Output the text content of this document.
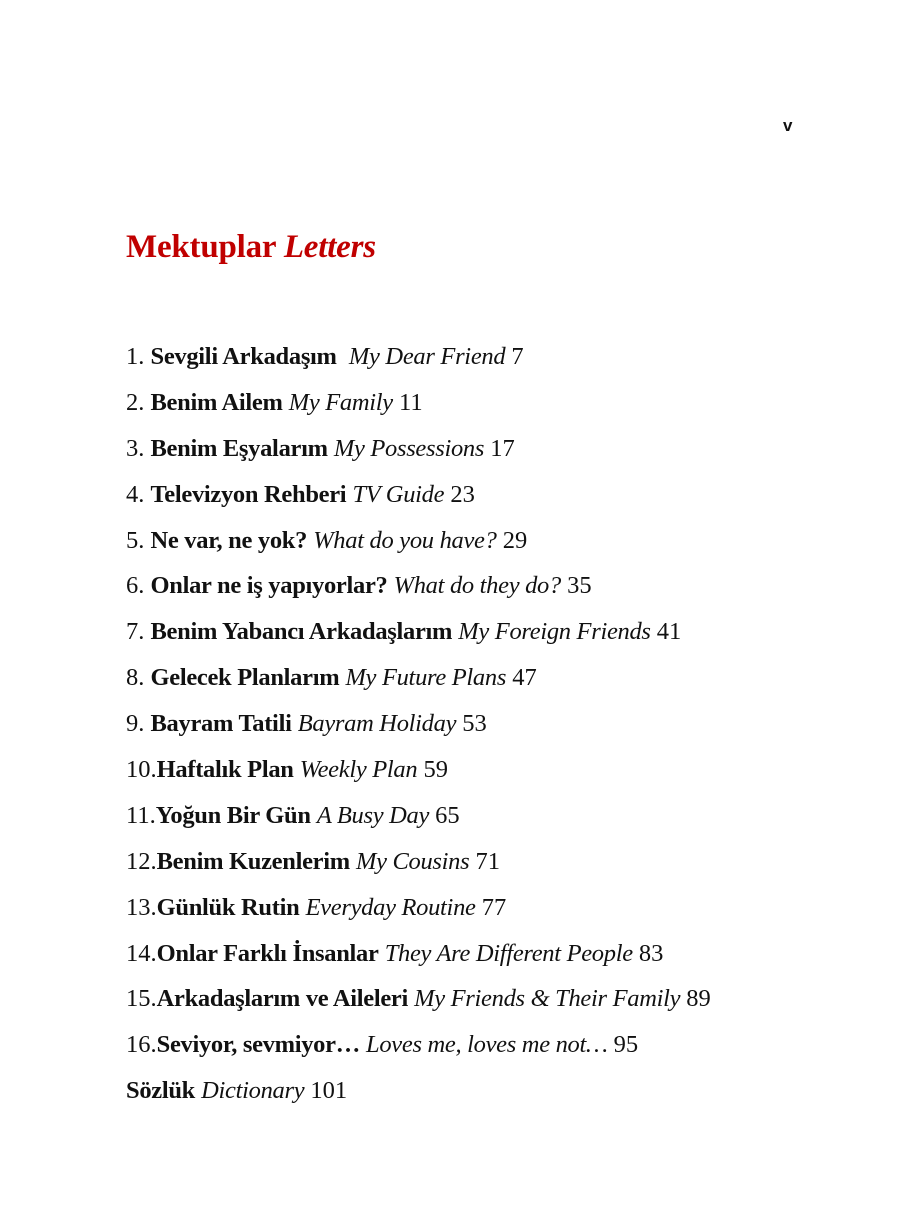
v
Mektuplar Letters
1. Sevgili Arkadaşım My Dear Friend 7
2. Benim Ailem My Family 11
3. Benim Eşyalarım My Possessions 17
4. Televizyon Rehberi TV Guide 23
5. Ne var, ne yok? What do you have? 29
6. Onlar ne iş yapıyorlar? What do they do? 35
7. Benim Yabancı Arkadaşlarım My Foreign Friends 41
8. Gelecek Planlarım My Future Plans 47
9. Bayram Tatili Bayram Holiday 53
10.Haftalık Plan Weekly Plan 59
11.Yoğun Bir Gün A Busy Day 65
12.Benim Kuzenlerim My Cousins 71
13.Günlük Rutin Everyday Routine 77
14.Onlar Farklı İnsanlar They Are Different People 83
15.Arkadaşlarım ve Aileleri My Friends & Their Family 89
16.Seviyor, sevmiyor… Loves me, loves me not… 95
Sözlük Dictionary 101
